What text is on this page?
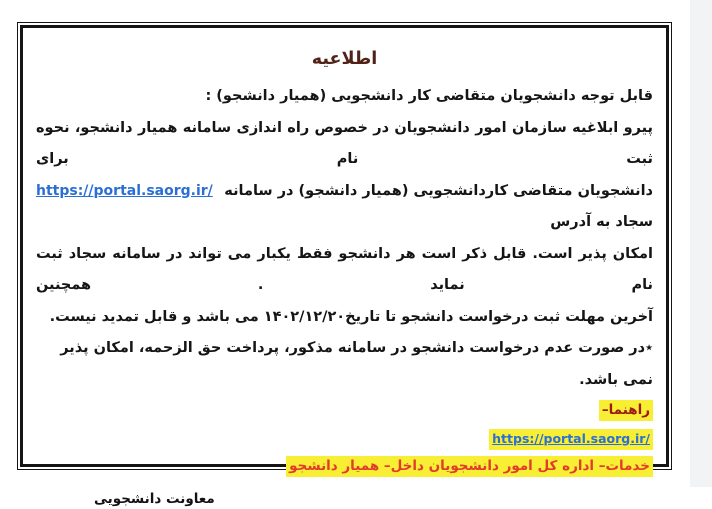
اطلاعیه
قابل توجه دانشجویان متقاضی کار دانشجویی (همیار دانشجو) :
پیرو ابلاغیه سازمان امور دانشجویان در خصوص راه اندازی سامانه همیار دانشجو، نحوه ثبت نام برای
دانشجویان متقاضی کاردانشجویی (همیار دانشجو) در سامانه سجاد به آدرس
https://portal.saorg.ir/
امکان پذیر است. قابل ذکر است هر دانشجو فقط یکبار می تواند در سامانه سجاد ثبت نام نماید . همچنین
آخرین مهلت ثبت درخواست دانشجو تا تاریخ۱۴۰۲/۱۲/۲۰ می باشد و قابل تمدید نیست.
٭در صورت عدم درخواست دانشجو در سامانه مذکور، پرداخت حق الزحمه، امکان پذیر نمی باشد.
راهنما–
https://portal.saorg.ir/
خدمات– اداره کل امور دانشجویان داخل– همیار دانشجو
معاونت دانشجویی
